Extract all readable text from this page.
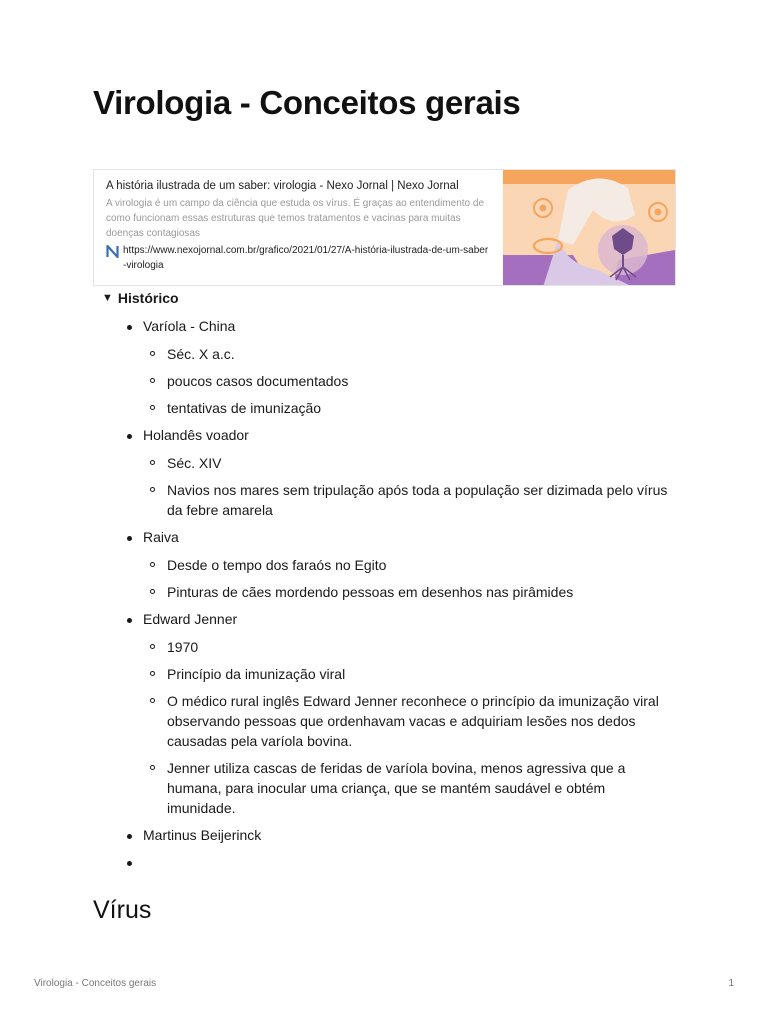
Virologia - Conceitos gerais
A história ilustrada de um saber: virologia - Nexo Jornal | Nexo Jornal
A virologia é um campo da ciência que estuda os vírus. É graças ao entendimento de como funcionam essas estruturas que temos tratamentos e vacinas para muitas doenças contagiosas
https://www.nexojornal.com.br/grafico/2021/01/27/A-história-ilustrada-de-um-saber-virologia
▼ Histórico
Varíola - China
Séc. X a.c.
poucos casos documentados
tentativas de imunização
Holandês voador
Séc. XIV
Navios nos mares sem tripulação após toda a população ser dizimada pelo vírus da febre amarela
Raiva
Desde o tempo dos faraós no Egito
Pinturas de cães mordendo pessoas em desenhos nas pirâmides
Edward Jenner
1970
Princípio da imunização viral
O médico rural inglês Edward Jenner reconhece o princípio da imunização viral observando pessoas que ordenhavam vacas e adquiriam lesões nos dedos causadas pela varíola bovina.
Jenner utiliza cascas de feridas de varíola bovina, menos agressiva que a humana, para inocular uma criança, que se mantém saudável e obtém imunidade.
Martinus Beijerinck
Vírus
Virologia - Conceitos gerais	1
